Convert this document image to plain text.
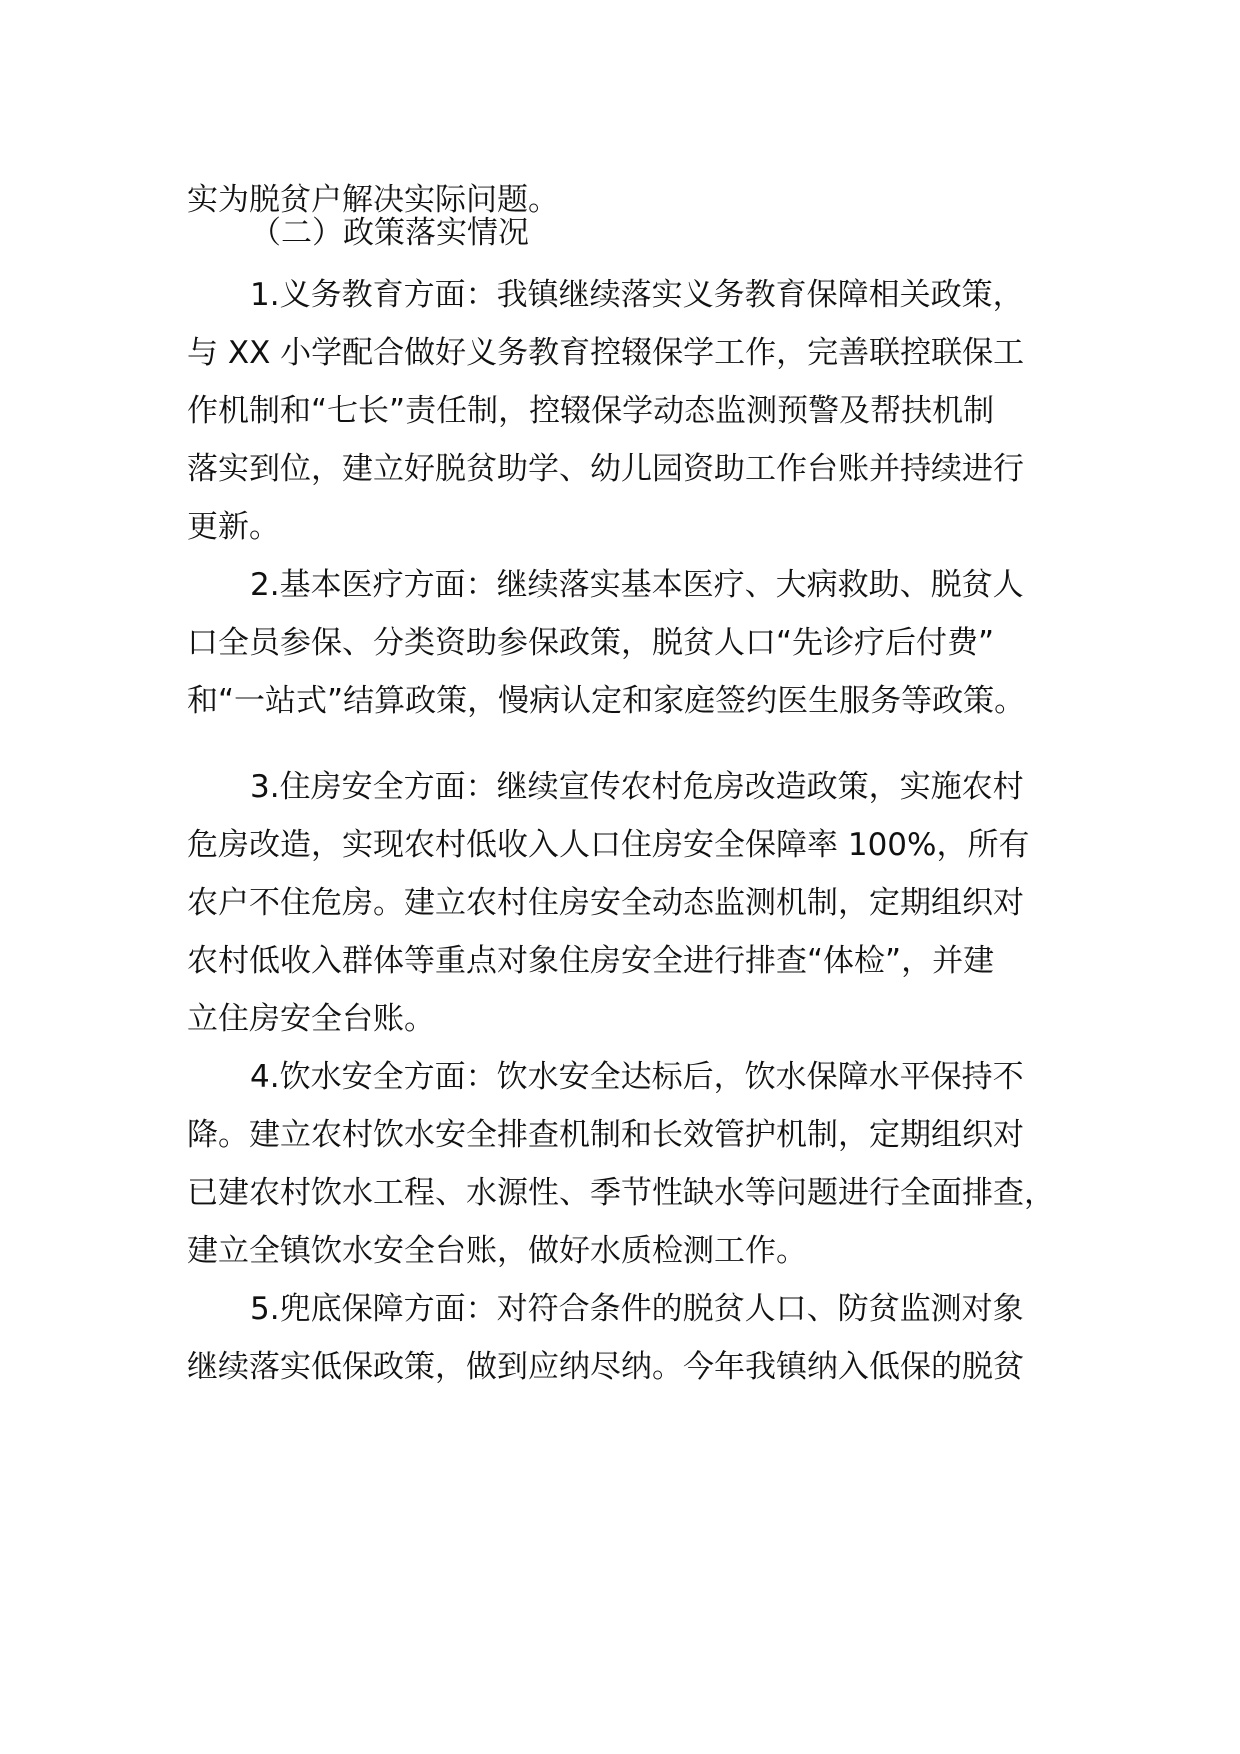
实为脱贫户解决实际问题。

（二）政策落实情况

1.义务教育方面：我镇继续落实义务教育保障相关政策，

与 XX 小学配合做好义务教育控辍保学工作，完善联控联保工

作机制和“七长”责任制，控辍保学动态监测预警及帮扶机制

落实到位，建立好脱贫助学、幼儿园资助工作台账并持续进行

更新。

2.基本医疗方面：继续落实基本医疗、大病救助、脱贫人

口全员参保、分类资助参保政策，脱贫人口“先诊疗后付费”

和“一站式”结算政策，慢病认定和家庭签约医生服务等政策。

3.住房安全方面：继续宣传农村危房改造政策，实施农村

危房改造，实现农村低收入人口住房安全保障率 100%，所有

农户不住危房。建立农村住房安全动态监测机制，定期组织对

农村低收入群体等重点对象住房安全进行排查“体检”，并建

立住房安全台账。

4.饮水安全方面：饮水安全达标后，饮水保障水平保持不

降。建立农村饮水安全排查机制和长效管护机制，定期组织对

已建农村饮水工程、水源性、季节性缺水等问题进行全面排查，

建立全镇饮水安全台账，做好水质检测工作。

5.兜底保障方面：对符合条件的脱贫人口、防贫监测对象

继续落实低保政策，做到应纳尽纳。今年我镇纳入低保的脱贫
